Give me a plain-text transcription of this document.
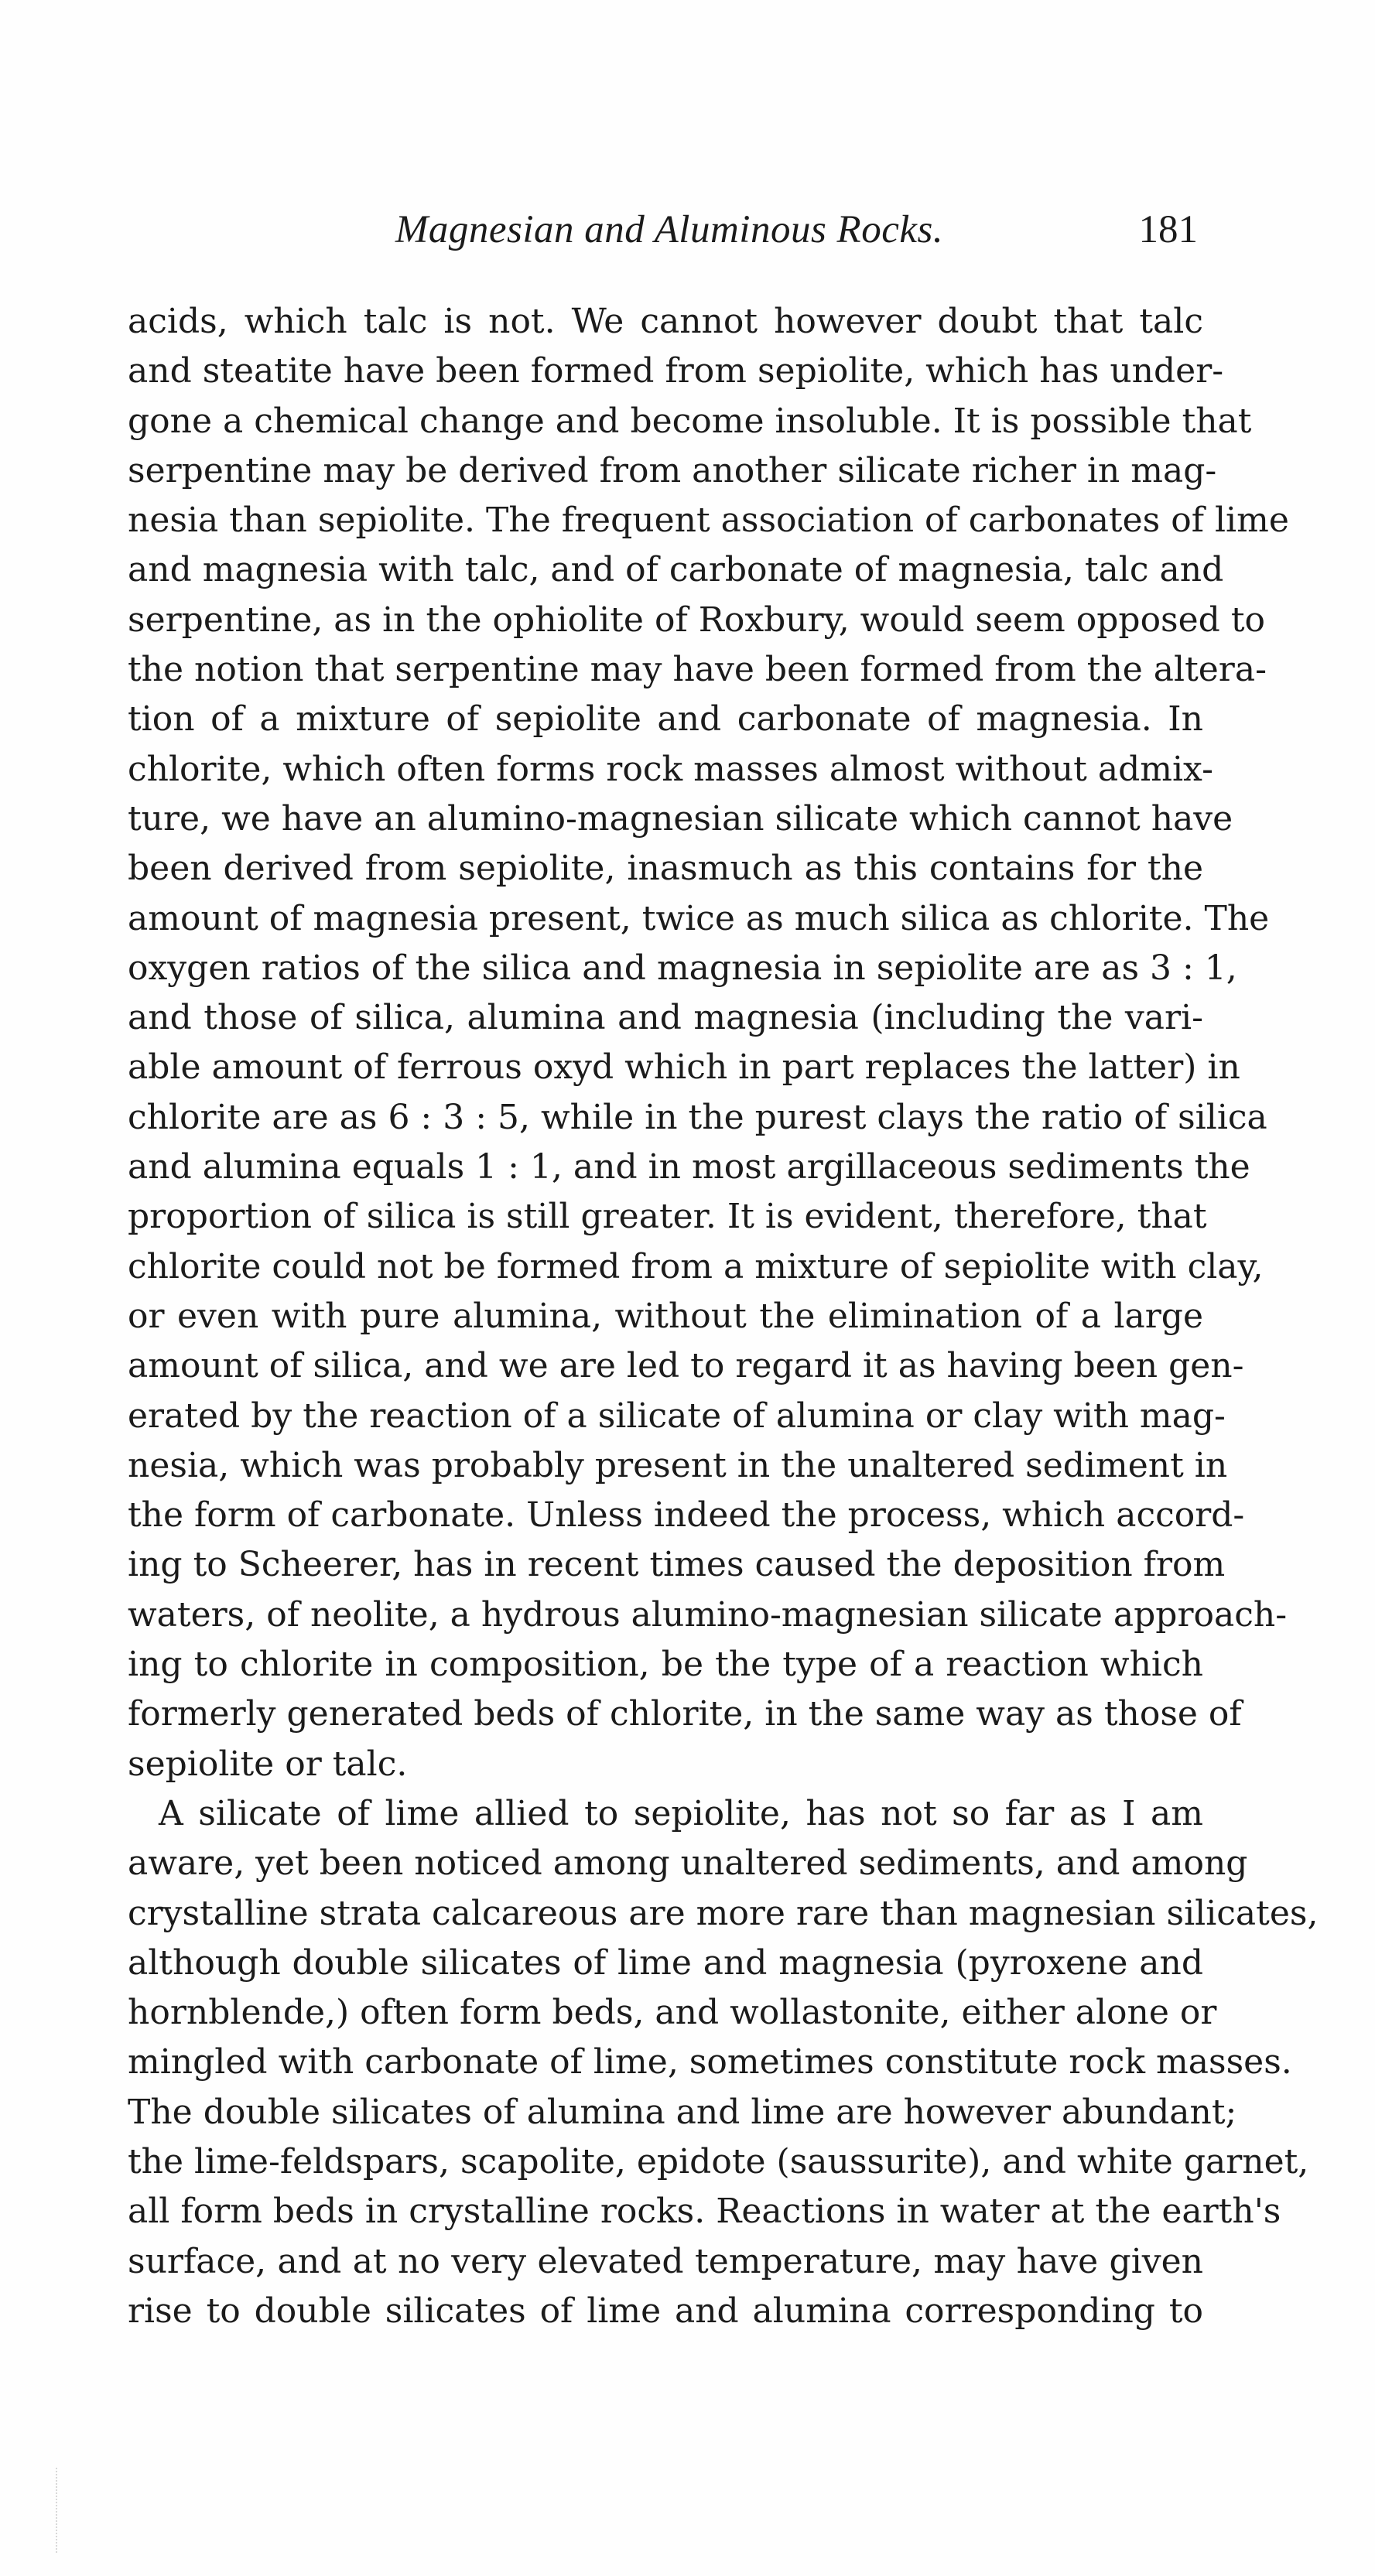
Magnesian and Aluminous Rocks.	181

acids, which talc is not. We cannot however doubt that talc
and steatite have been formed from sepiolite, which has under-
gone a chemical change and become insoluble. It is possible that
serpentine may be derived from another silicate richer in mag-
nesia than sepiolite. The frequent association of carbonates of lime
and magnesia with talc, and of carbonate of magnesia, talc and
serpentine, as in the ophiolite of Roxbury, would seem opposed to
the notion that serpentine may have been formed from the altera-
tion of a mixture of sepiolite and carbonate of magnesia. In
chlorite, which often forms rock masses almost without admix-
ture, we have an alumino-magnesian silicate which cannot have
been derived from sepiolite, inasmuch as this contains for the
amount of magnesia present, twice as much silica as chlorite. The
oxygen ratios of the silica and magnesia in sepiolite are as 3 : 1,
and those of silica, alumina and magnesia (including the vari-
able amount of ferrous oxyd which in part replaces the latter) in
chlorite are as 6 : 3 : 5, while in the purest clays the ratio of silica
and alumina equals 1 : 1, and in most argillaceous sediments the
proportion of silica is still greater. It is evident, therefore, that
chlorite could not be formed from a mixture of sepiolite with clay,
or even with pure alumina, without the elimination of a large
amount of silica, and we are led to regard it as having been gen-
erated by the reaction of a silicate of alumina or clay with mag-
nesia, which was probably present in the unaltered sediment in
the form of carbonate. Unless indeed the process, which accord-
ing to Scheerer, has in recent times caused the deposition from
waters, of neolite, a hydrous alumino-magnesian silicate approach-
ing to chlorite in composition, be the type of a reaction which
formerly generated beds of chlorite, in the same way as those of
sepiolite or talc.

A silicate of lime allied to sepiolite, has not so far as I am
aware, yet been noticed among unaltered sediments, and among
crystalline strata calcareous are more rare than magnesian silicates,
although double silicates of lime and magnesia (pyroxene and
hornblende,) often form beds, and wollastonite, either alone or
mingled with carbonate of lime, sometimes constitute rock masses.
The double silicates of alumina and lime are however abundant;
the lime-feldspars, scapolite, epidote (saussurite), and white garnet,
all form beds in crystalline rocks. Reactions in water at the earth's
surface, and at no very elevated temperature, may have given
rise to double silicates of lime and alumina corresponding to
